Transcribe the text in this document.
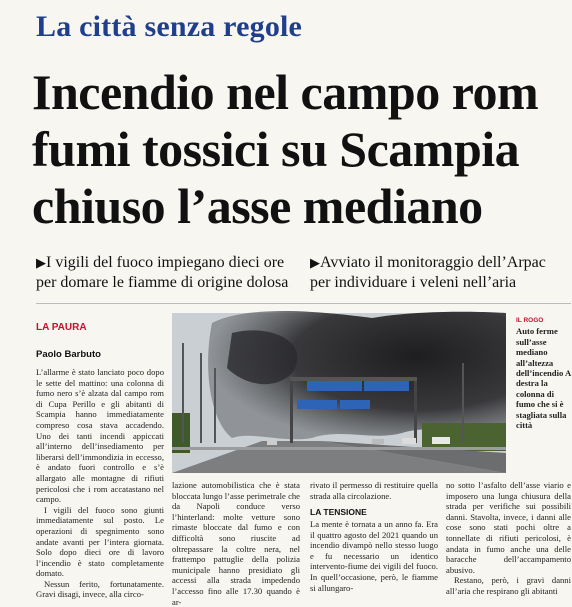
La città senza regole
Incendio nel campo rom
fumi tossici su Scampia
chiuso l’asse mediano
▶I vigili del fuoco impiegano dieci ore
per domare le fiamme di origine dolosa
▶Avviato il monitoraggio dell’Arpac
per individuare i veleni nell’aria
LA PAURA
Paolo Barbuto

L’allarme è stato lanciato poco dopo le sette del mattino: una colonna di fumo nero s’è alzata dal campo rom di Cupa Perillo e gli abitanti di Scampia hanno immediatamente compreso cosa stava accadendo. Uno dei tanti incendi appiccati all’interno dell’insediamento per liberarsi dell’immondizia in eccesso, è andato fuori controllo e s’è allargato alle montagne di rifiuti pericolosi che i rom accatastano nel campo.

I vigili del fuoco sono giunti immediatamente sul posto. Le operazioni di spegnimento sono andate avanti per l’intera giornata. Solo dopo dieci ore di lavoro l’incendio è stato completamente domato.

Nessun ferito, fortunatamente. Gravi disagi, invece, alla circo-

IL ROGO
Auto ferme sull’asse mediano all’altezza dell’incendio A destra la colonna di fumo che si è stagliata sulla città

lazione automobilistica che è stata bloccata lungo l’asse perimetrale che da Napoli conduce verso l’hinterland: molte vetture sono rimaste bloccate dal fumo e con difficoltà sono riuscite ad oltrepassare la coltre nera, nel frattempo pattuglie della polizia municipale hanno presidiato gli accessi alla strada impedendo l’accesso fino alle 17.30 quando è ar-

rivato il permesso di restituire quella strada alla circolazione.

LA TENSIONE

La mente è tornata a un anno fa. Era il quattro agosto del 2021 quando un incendio divampò nello stesso luogo e fu necessario un identico intervento-fiume dei vigili del fuoco. In quell’occasione, però, le fiamme si allungaro-

no sotto l’asfalto dell’asse viario e imposero una lunga chiusura della strada per verifiche sui possibili danni. Stavolta, invece, i danni alle cose sono stati pochi oltre a tonnellate di rifiuti pericolosi, è andata in fumo anche una delle baracche dell’accampamento abusivo.

Restano, però, i gravi danni all’aria che respirano gli abitanti
